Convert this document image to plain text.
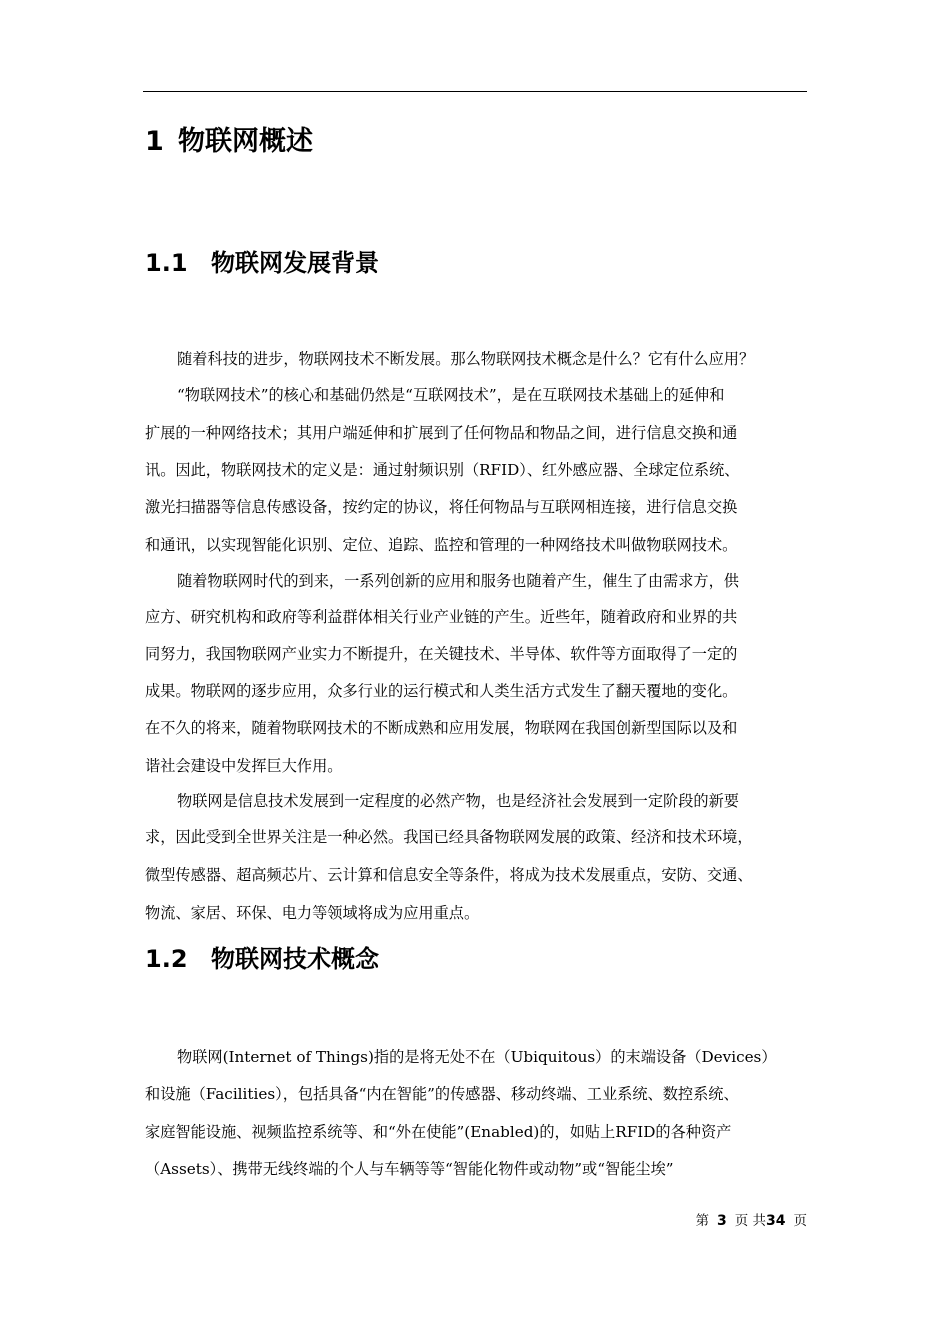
1 物联网概述
1.1 物联网发展背景
随着科技的进步，物联网技术不断发展。那么物联网技术概念是什么？它有什么应用？
“物联网技术”的核心和基础仍然是“互联网技术”，是在互联网技术基础上的延伸和
扩展的一种网络技术；其用户端延伸和扩展到了任何物品和物品之间，进行信息交换和通
讯。因此，物联网技术的定义是：通过射频识别（RFID）、红外感应器、全球定位系统、
激光扫描器等信息传感设备，按约定的协议，将任何物品与互联网相连接，进行信息交换
和通讯，以实现智能化识别、定位、追踪、监控和管理的一种网络技术叫做物联网技术。
随着物联网时代的到来，一系列创新的应用和服务也随着产生，催生了由需求方，供
应方、研究机构和政府等利益群体相关行业产业链的产生。近些年，随着政府和业界的共
同努力，我国物联网产业实力不断提升，在关键技术、半导体、软件等方面取得了一定的
成果。物联网的逐步应用，众多行业的运行模式和人类生活方式发生了翻天覆地的变化。
在不久的将来，随着物联网技术的不断成熟和应用发展，物联网在我国创新型国际以及和
谐社会建设中发挥巨大作用。
物联网是信息技术发展到一定程度的必然产物，也是经济社会发展到一定阶段的新要
求，因此受到全世界关注是一种必然。我国已经具备物联网发展的政策、经济和技术环境，
微型传感器、超高频芯片、云计算和信息安全等条件，将成为技术发展重点，安防、交通、
物流、家居、环保、电力等领域将成为应用重点。
1.2 物联网技术概念
物联网(Internet of Things)指的是将无处不在（Ubiquitous）的末端设备（Devices）
和设施（Facilities），包括具备“内在智能”的传感器、移动终端、工业系统、数控系统、
家庭智能设施、视频监控系统等、和“外在使能”(Enabled)的，如贴上RFID的各种资产
（Assets）、携带无线终端的个人与车辆等等“智能化物件或动物”或“智能尘埃”
第 3 页 共34 页
